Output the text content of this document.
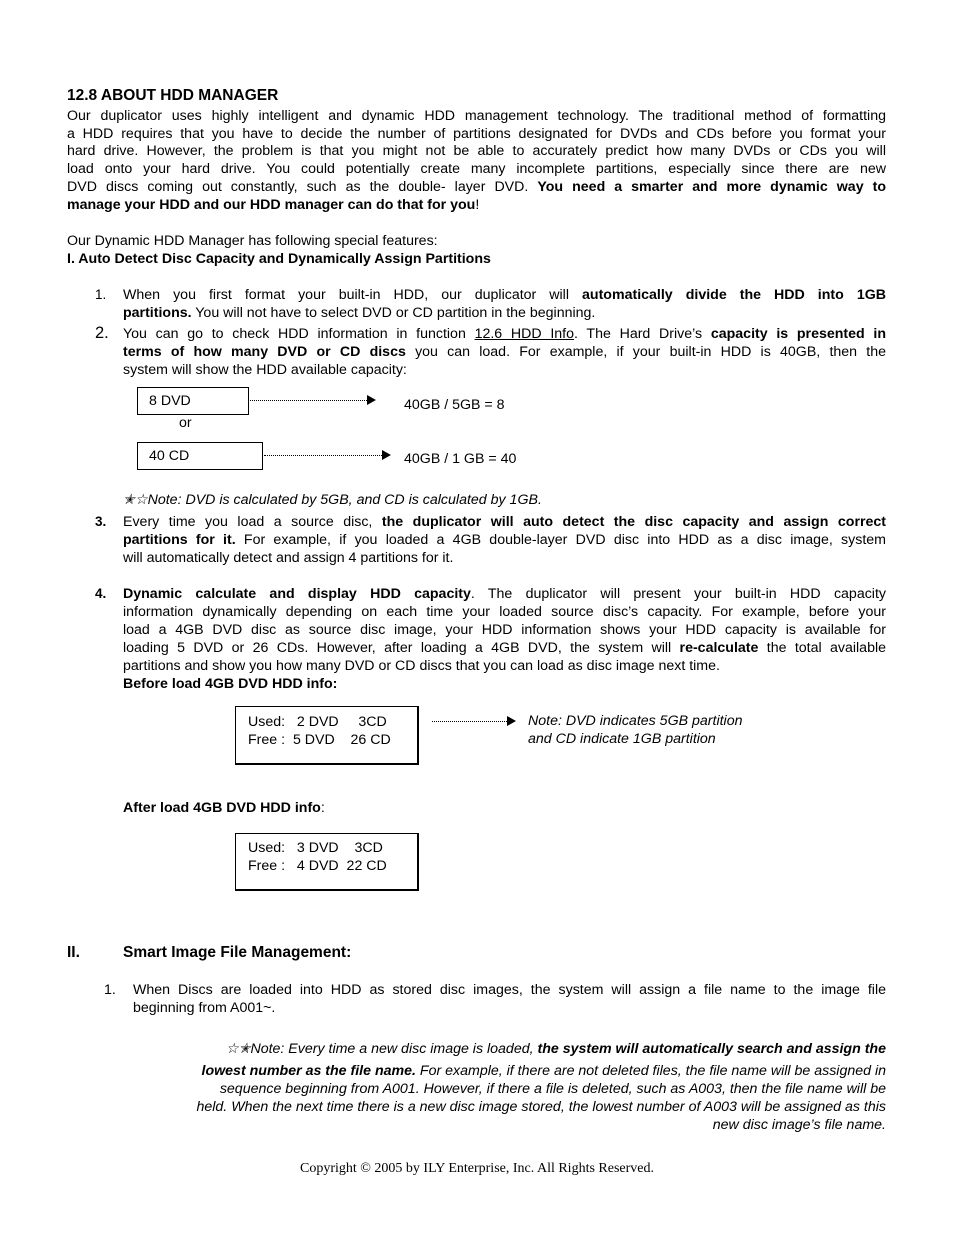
12.8 ABOUT HDD MANAGER
Our duplicator uses highly intelligent and dynamic HDD management technology. The traditional method of formatting
a HDD requires that you have to decide the number of partitions designated for DVDs and CDs before you format your
hard drive. However, the problem is that you might not be able to accurately predict how many DVDs or CDs you will
load onto your hard drive. You could potentially create many incomplete partitions, especially since there are new
DVD discs coming out constantly, such as the double- layer DVD. You need a smarter and more dynamic way to
manage your HDD and our HDD manager can do that for you!
Our Dynamic HDD Manager has following special features:
I. Auto Detect Disc Capacity and Dynamically Assign Partitions
1. When you first format your built-in HDD, our duplicator will automatically divide the HDD into 1GB
partitions. You will not have to select DVD or CD partition in the beginning.
2. You can go to check HDD information in function 12.6 HDD Info. The Hard Drive’s capacity is presented in
terms of how many DVD or CD discs you can load. For example, if your built-in HDD is 40GB, then the
system will show the HDD available capacity:
8 DVD	40GB / 5GB = 8
or
40 CD	40GB / 1 GB = 40
✭☆Note: DVD is calculated by 5GB, and CD is calculated by 1GB.
3. Every time you load a source disc, the duplicator will auto detect the disc capacity and assign correct
partitions for it. For example, if you loaded a 4GB double-layer DVD disc into HDD as a disc image, system
will automatically detect and assign 4 partitions for it.
4. Dynamic calculate and display HDD capacity. The duplicator will present your built-in HDD capacity
information dynamically depending on each time your loaded source disc’s capacity. For example, before your
load a 4GB DVD disc as source disc image, your HDD information shows your HDD capacity is available for
loading 5 DVD or 26 CDs. However, after loading a 4GB DVD, the system will re-calculate the total available
partitions and show you how many DVD or CD discs that you can load as disc image next time.
Before load 4GB DVD HDD info:
Used:   2 DVD     3CD
Free :  5 DVD    26 CD
Note: DVD indicates 5GB partition
and CD indicate 1GB partition
After load 4GB DVD HDD info:
Used:   3 DVD    3CD
Free :   4 DVD  22 CD
II.	Smart Image File Management:
1. When Discs are loaded into HDD as stored disc images, the system will assign a file name to the image file
beginning from A001~.
☆✭Note: Every time a new disc image is loaded, the system will automatically search and assign the
lowest number as the file name. For example, if there are not deleted files, the file name will be assigned in
sequence beginning from A001. However, if there a file is deleted, such as A003, then the file name will be
held. When the next time there is a new disc image stored, the lowest number of A003 will be assigned as this
new disc image’s file name.
Copyright © 2005 by ILY Enterprise, Inc. All Rights Reserved.
